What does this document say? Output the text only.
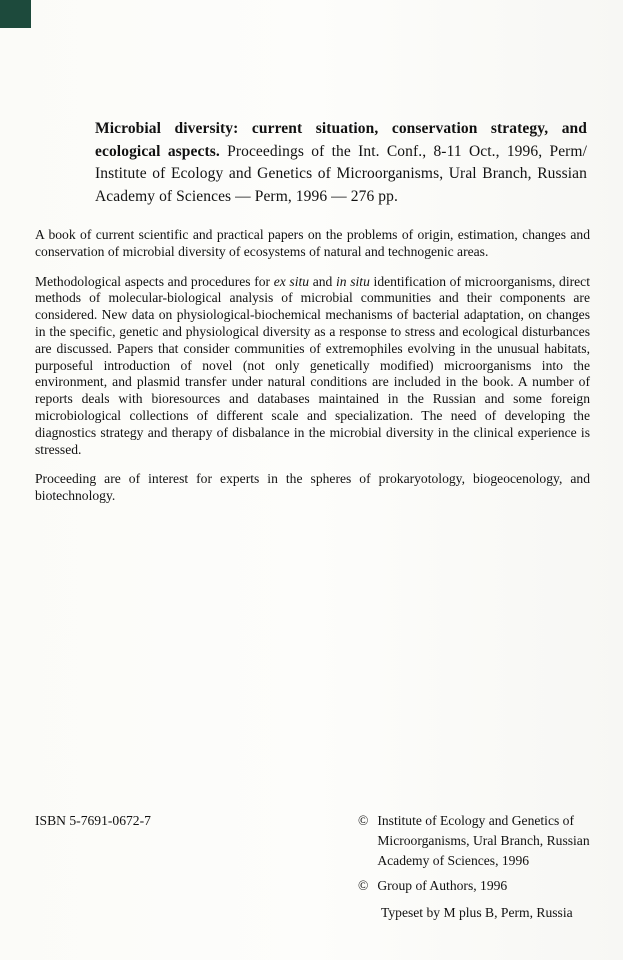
Microbial diversity: current situation, conservation strategy, and ecological aspects. Proceedings of the Int. Conf., 8-11 Oct., 1996, Perm/ Institute of Ecology and Genetics of Microorganisms, Ural Branch, Russian Academy of Sciences — Perm, 1996 — 276 pp.

A book of current scientific and practical papers on the problems of origin, estimation, changes and conservation of microbial diversity of ecosystems of natural and technogenic areas.

Methodological aspects and procedures for ex situ and in situ identification of microorganisms, direct methods of molecular-biological analysis of microbial communities and their components are considered. New data on physiological-biochemical mechanisms of bacterial adaptation, on changes in the specific, genetic and physiological diversity as a response to stress and ecological disturbances are discussed. Papers that consider communities of extremophiles evolving in the unusual habitats, purposeful introduction of novel (not only genetically modified) microorganisms into the environment, and plasmid transfer under natural conditions are included in the book. A number of reports deals with bioresources and databases maintained in the Russian and some foreign microbiological collections of different scale and specialization. The need of developing the diagnostics strategy and therapy of disbalance in the microbial diversity in the clinical experience is stressed.

Proceeding are of interest for experts in the spheres of prokaryotology, biogeocenology, and biotechnology.

ISBN 5-7691-0672-7	© Institute of Ecology and Genetics of Microorganisms, Ural Branch, Russian Academy of Sciences, 1996
© Group of Authors, 1996
Typeset by M plus B, Perm, Russia
